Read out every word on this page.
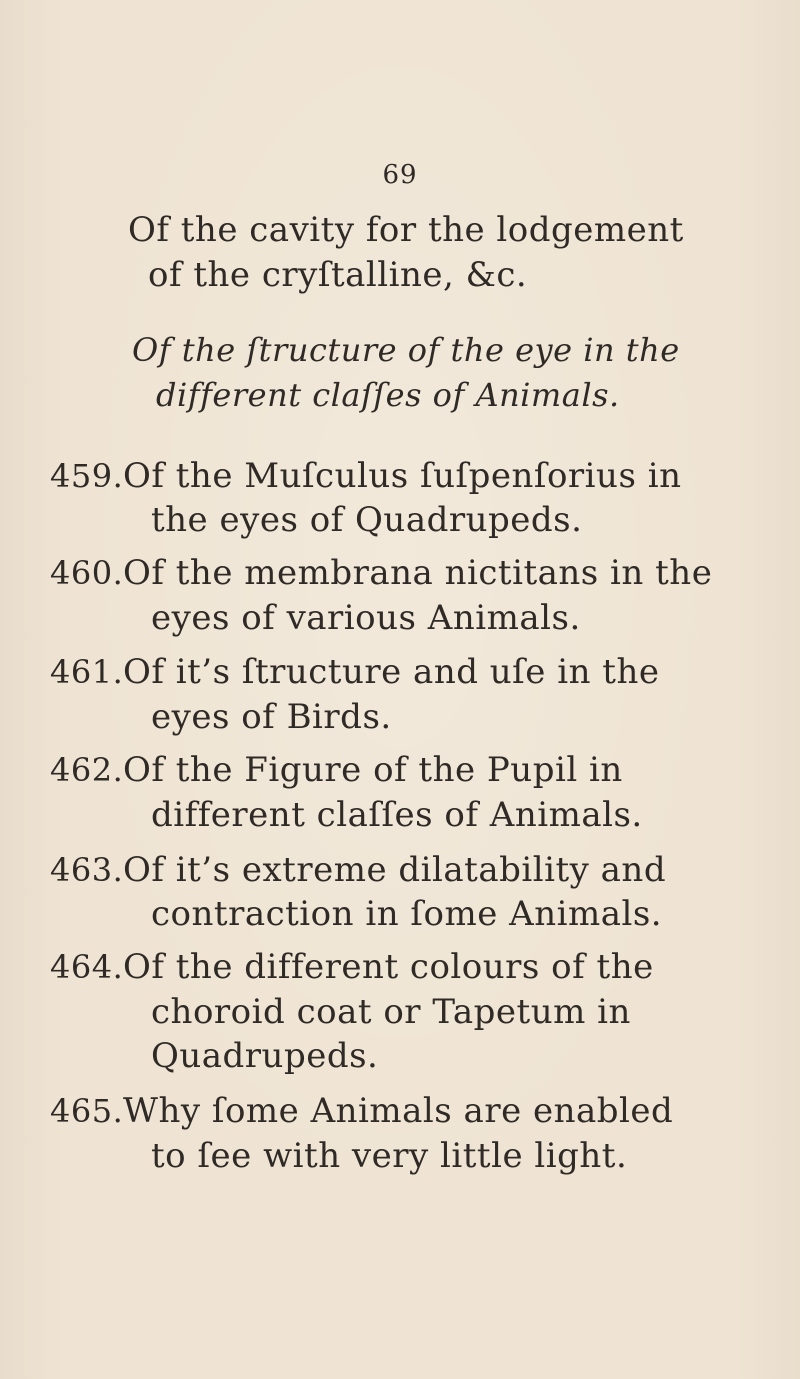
69
Of the cavity for the lodgement
of the cryſtalline, &c.
Of the ſtructure of the eye in the
different claſſes of Animals.
459. Of the Muſculus ſuſpenſorius in
the eyes of Quadrupeds.
460. Of the membrana nictitans in the
eyes of various Animals.
461. Of it’s ſtructure and uſe in the
eyes of Birds.
462. Of the Figure of the Pupil in
different claſſes of Animals.
463. Of it’s extreme dilatability and
contraction in ſome Animals.
464. Of the different colours of the
choroid coat or Tapetum in
Quadrupeds.
465. Why ſome Animals are enabled
to ſee with very little light.
